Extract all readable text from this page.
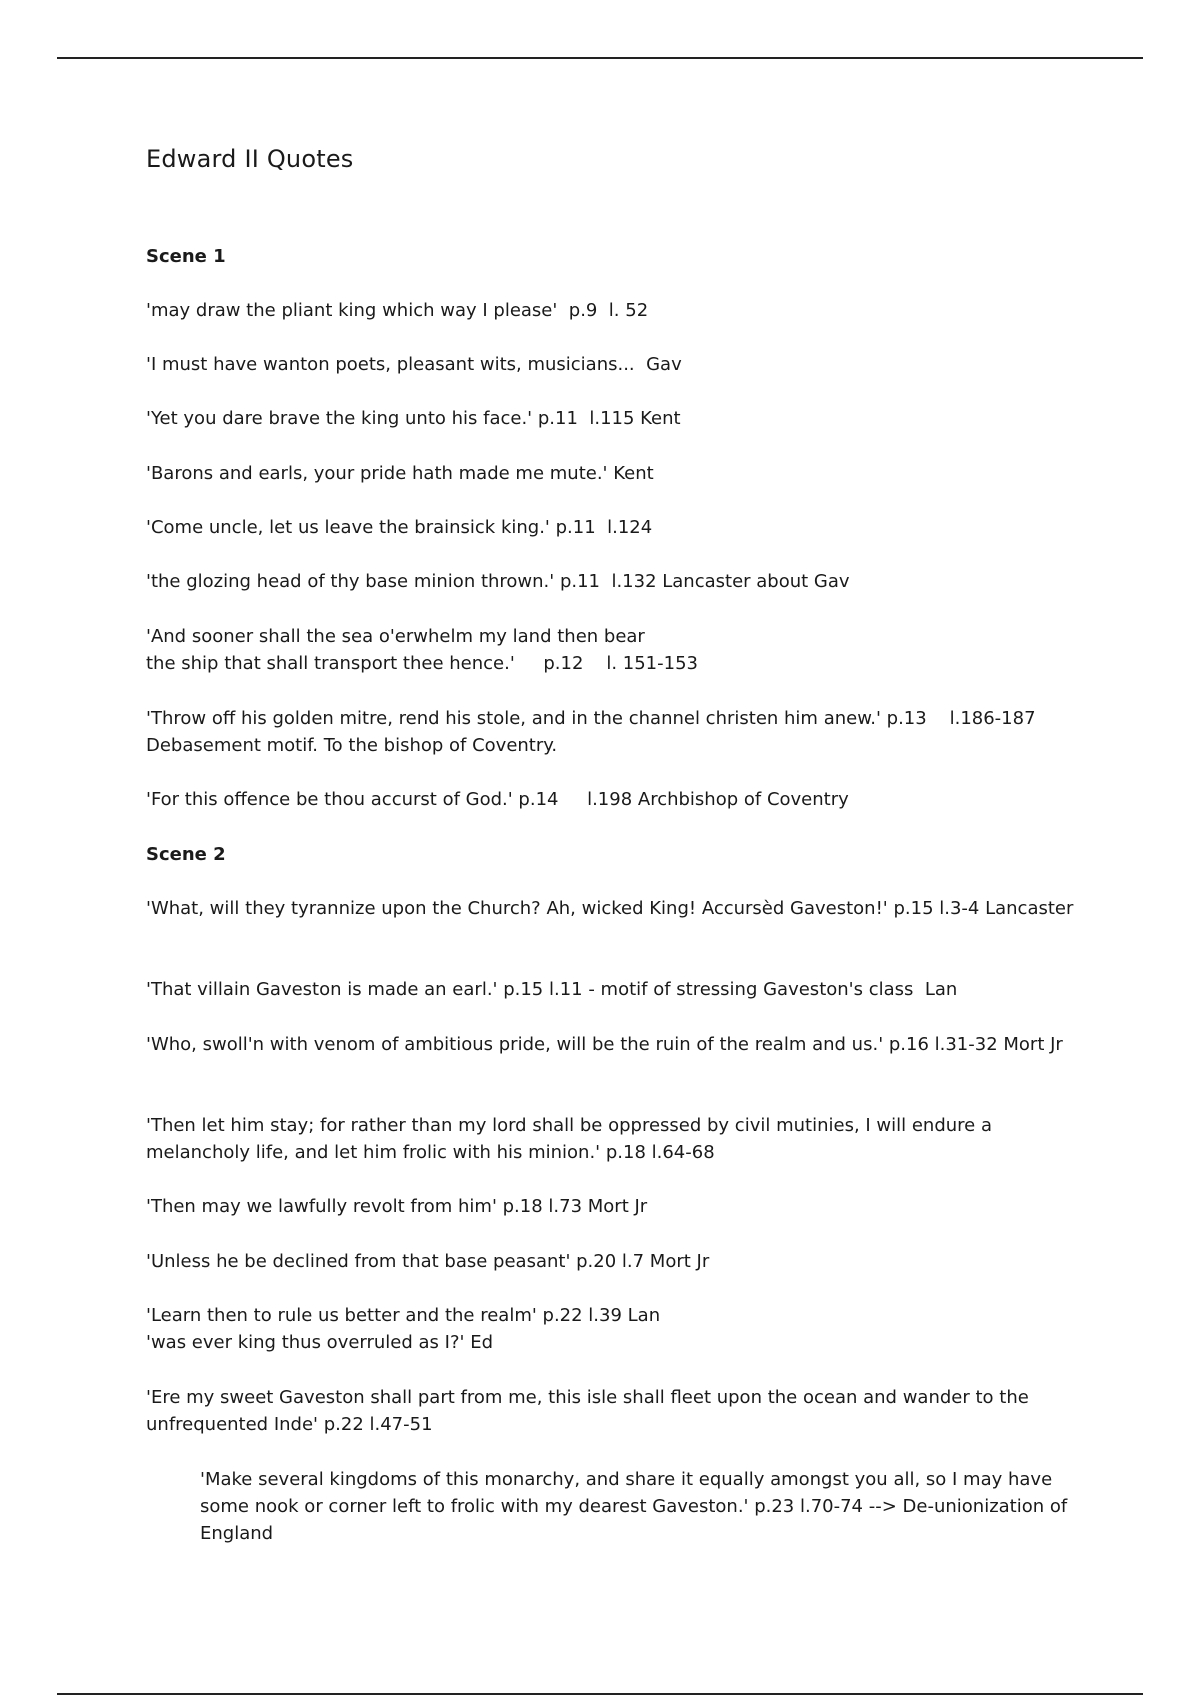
Edward II Quotes

Scene 1

'may draw the pliant king which way I please'  p.9  l. 52

'I must have wanton poets, pleasant wits, musicians...  Gav

'Yet you dare brave the king unto his face.' p.11  l.115 Kent

'Barons and earls, your pride hath made me mute.' Kent

'Come uncle, let us leave the brainsick king.' p.11  l.124

'the glozing head of thy base minion thrown.' p.11  l.132 Lancaster about Gav

'And sooner shall the sea o'erwhelm my land then bear
the ship that shall transport thee hence.'     p.12    l. 151-153

'Throw off his golden mitre, rend his stole, and in the channel christen him anew.' p.13    l.186-187
Debasement motif. To the bishop of Coventry.

'For this offence be thou accurst of God.' p.14     l.198 Archbishop of Coventry

Scene 2

'What, will they tyrannize upon the Church? Ah, wicked King! Accursèd Gaveston!' p.15 l.3-4 Lancaster

'That villain Gaveston is made an earl.' p.15 l.11 - motif of stressing Gaveston's class  Lan

'Who, swoll'n with venom of ambitious pride, will be the ruin of the realm and us.' p.16 l.31-32 Mort Jr

'Then let him stay; for rather than my lord shall be oppressed by civil mutinies, I will endure a melancholy life, and let him frolic with his minion.' p.18 l.64-68

'Then may we lawfully revolt from him' p.18 l.73 Mort Jr

'Unless he be declined from that base peasant' p.20 l.7 Mort Jr

'Learn then to rule us better and the realm' p.22 l.39 Lan
'was ever king thus overruled as I?' Ed

'Ere my sweet Gaveston shall part from me, this isle shall fleet upon the ocean and wander to the unfrequented Inde' p.22 l.47-51

'Make several kingdoms of this monarchy, and share it equally amongst you all, so I may have some nook or corner left to frolic with my dearest Gaveston.' p.23 l.70-74 --> De-unionization of England
